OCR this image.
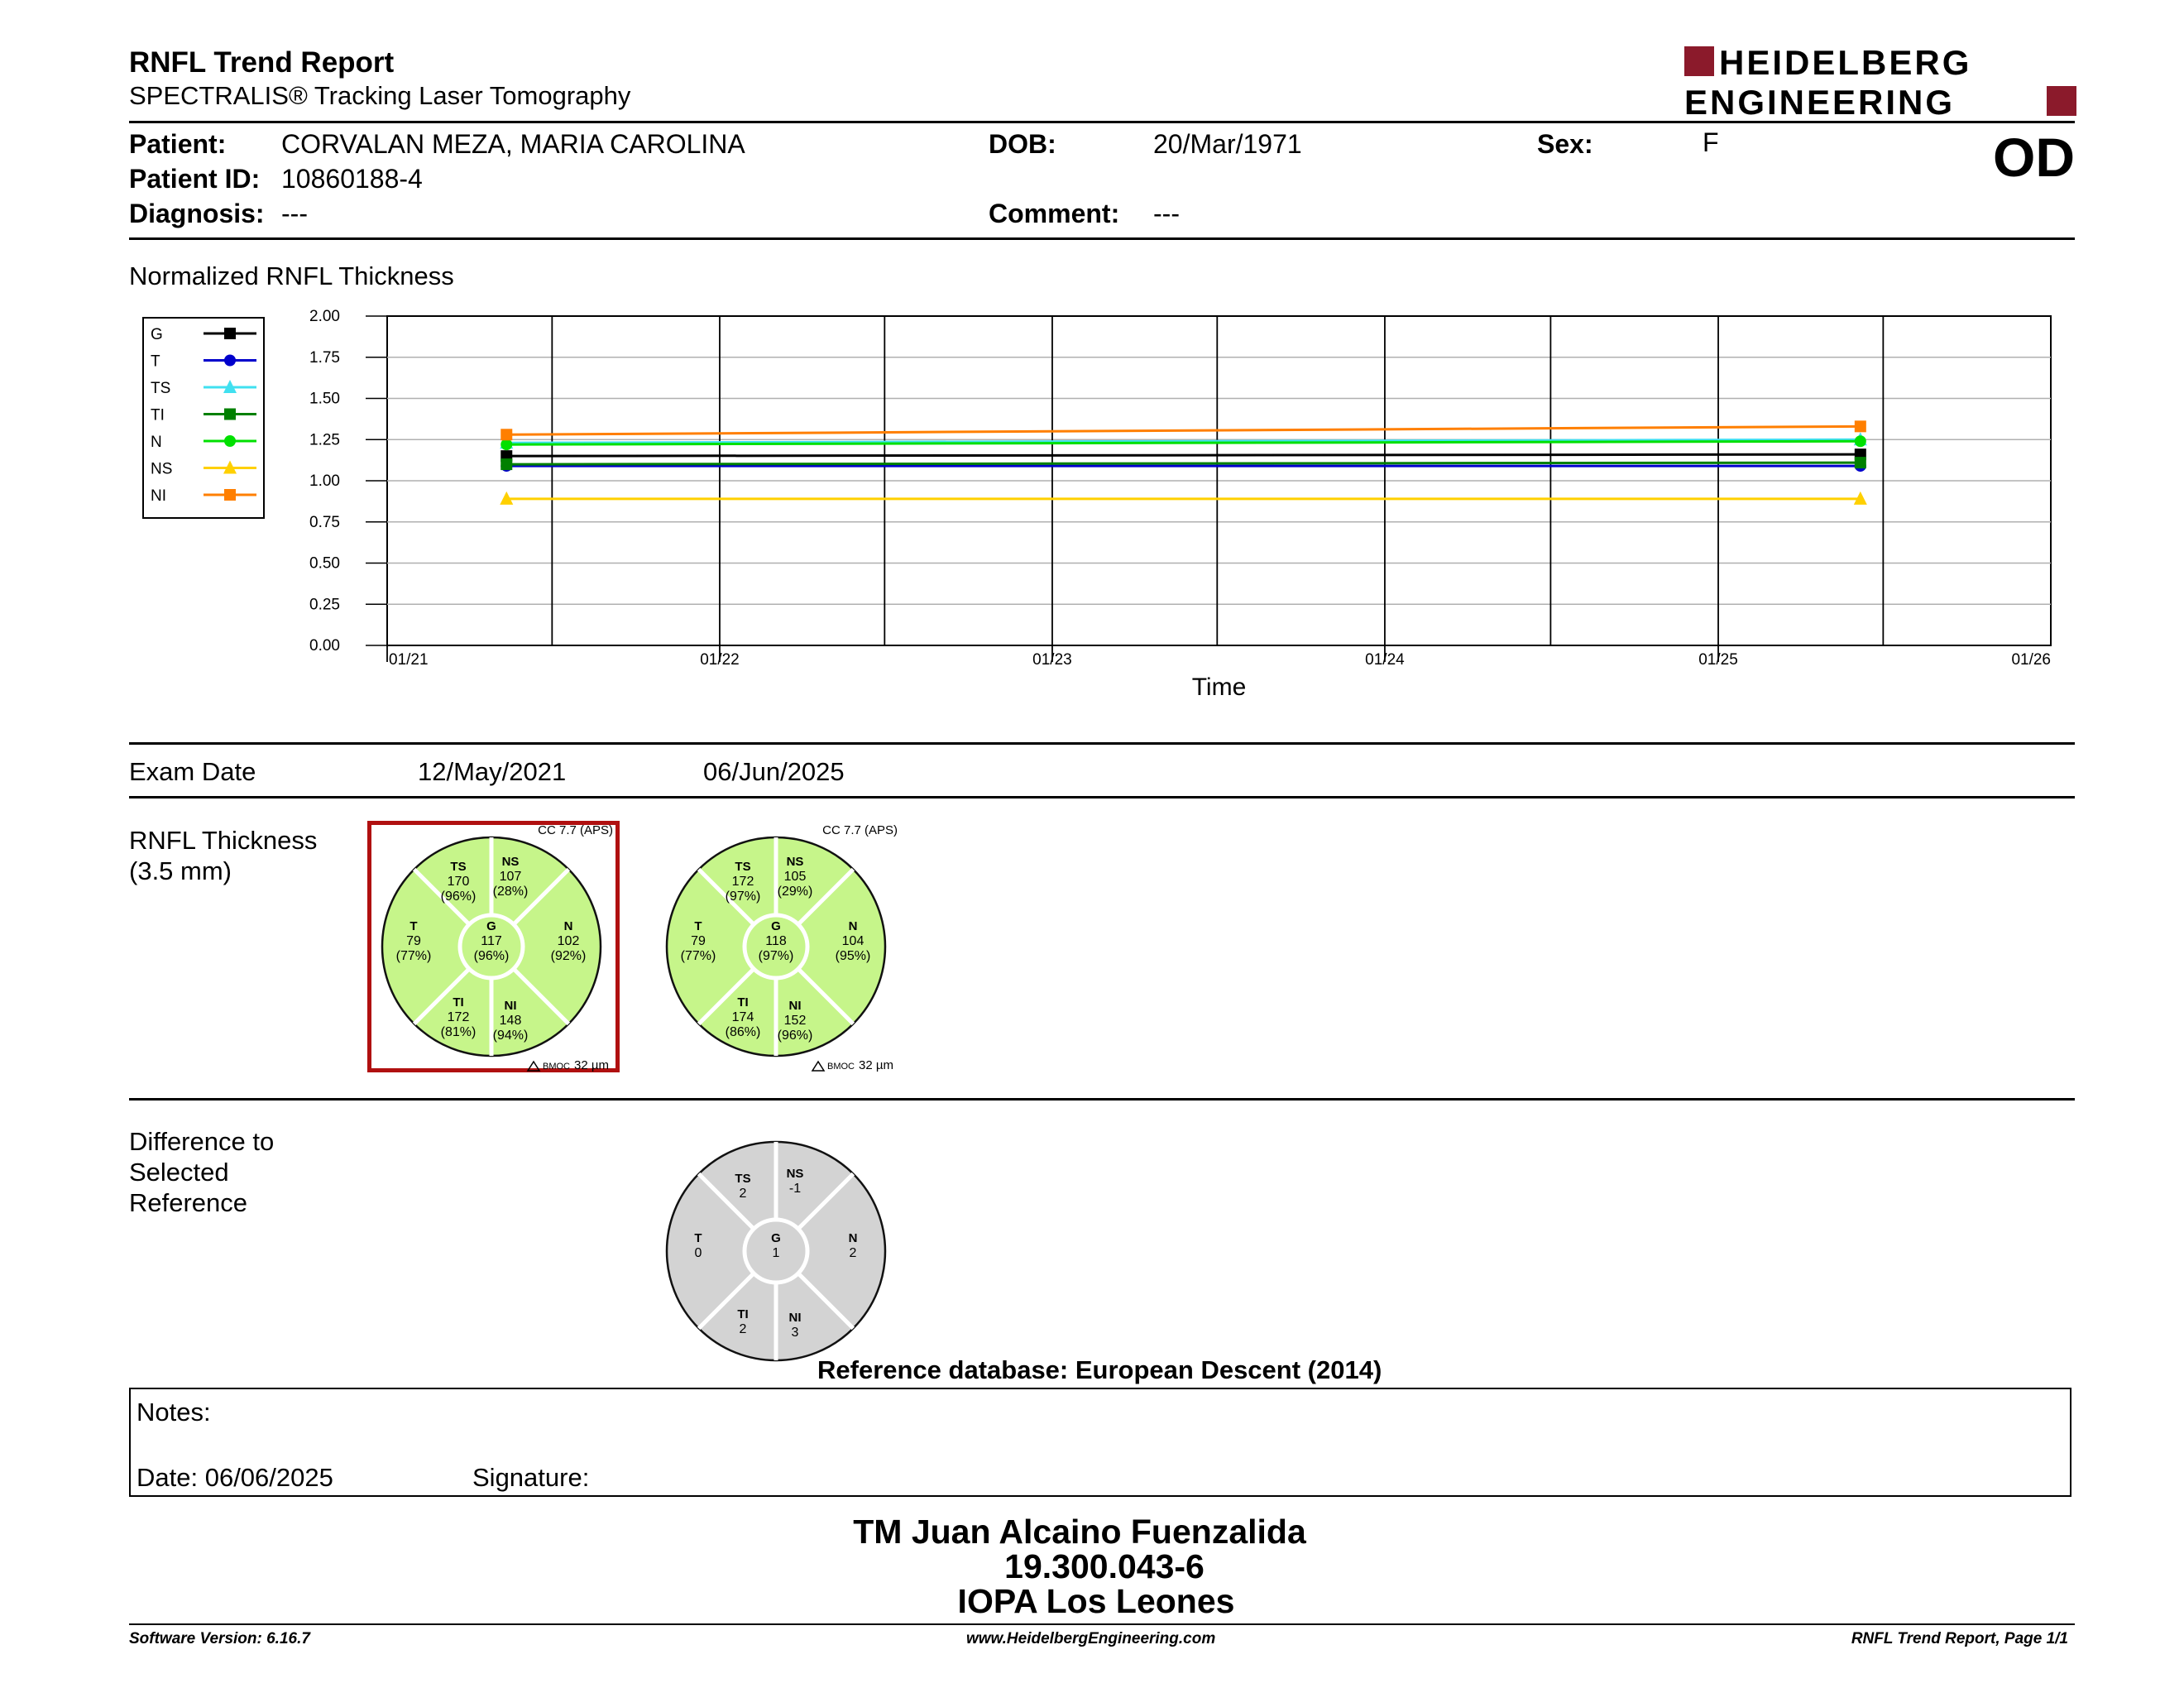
RNFL Trend Report
SPECTRALIS® Tracking Laser Tomography
HEIDELBERG
ENGINEERING
OD
Patient: CORVALAN MEZA, MARIA CAROLINA
Patient ID: 10860188-4
Diagnosis: ---
DOB:	20/Mar/1971
Comment: ---
Sex:	F
Normalized RNFL Thickness
0.00
0.25
0.50
0.75
1.00
1.25
1.50
1.75
2.00
01/21	01/22	01/23	01/24	01/25	01/26
Time
G
T
TS
TI
N
NS
NI
Exam Date	12/May/2021	06/Jun/2025
RNFL Thickness
(3.5 mm)	TS
170
(96%)
NS
107
(28%)
T
79
(77%)
G
117
(96%)
N
102
(92%)
TI
172
(81%)
NI
148
(94%)
CC 7.7 (APS)
BMOC 32 µm
TS
172
(97%)
NS
105
(29%)
T
79
(77%)
G
118
(97%)
N
104
(95%)
TI
174
(86%)
NI
152
(96%)
CC 7.7 (APS)
BMOC 32 µm
Difference to
Selected
Reference
TS
2
NS
-1
T
0
G
1
N
2
TI
2
NI
3
Reference database: European Descent (2014)
Notes:
Date: 06/06/2025	Signature:
TM Juan Alcaino Fuenzalida
19.300.043-6
IOPA Los Leones
Software Version: 6.16.7	www.HeidelbergEngineering.com	RNFL Trend Report, Page 1/1
